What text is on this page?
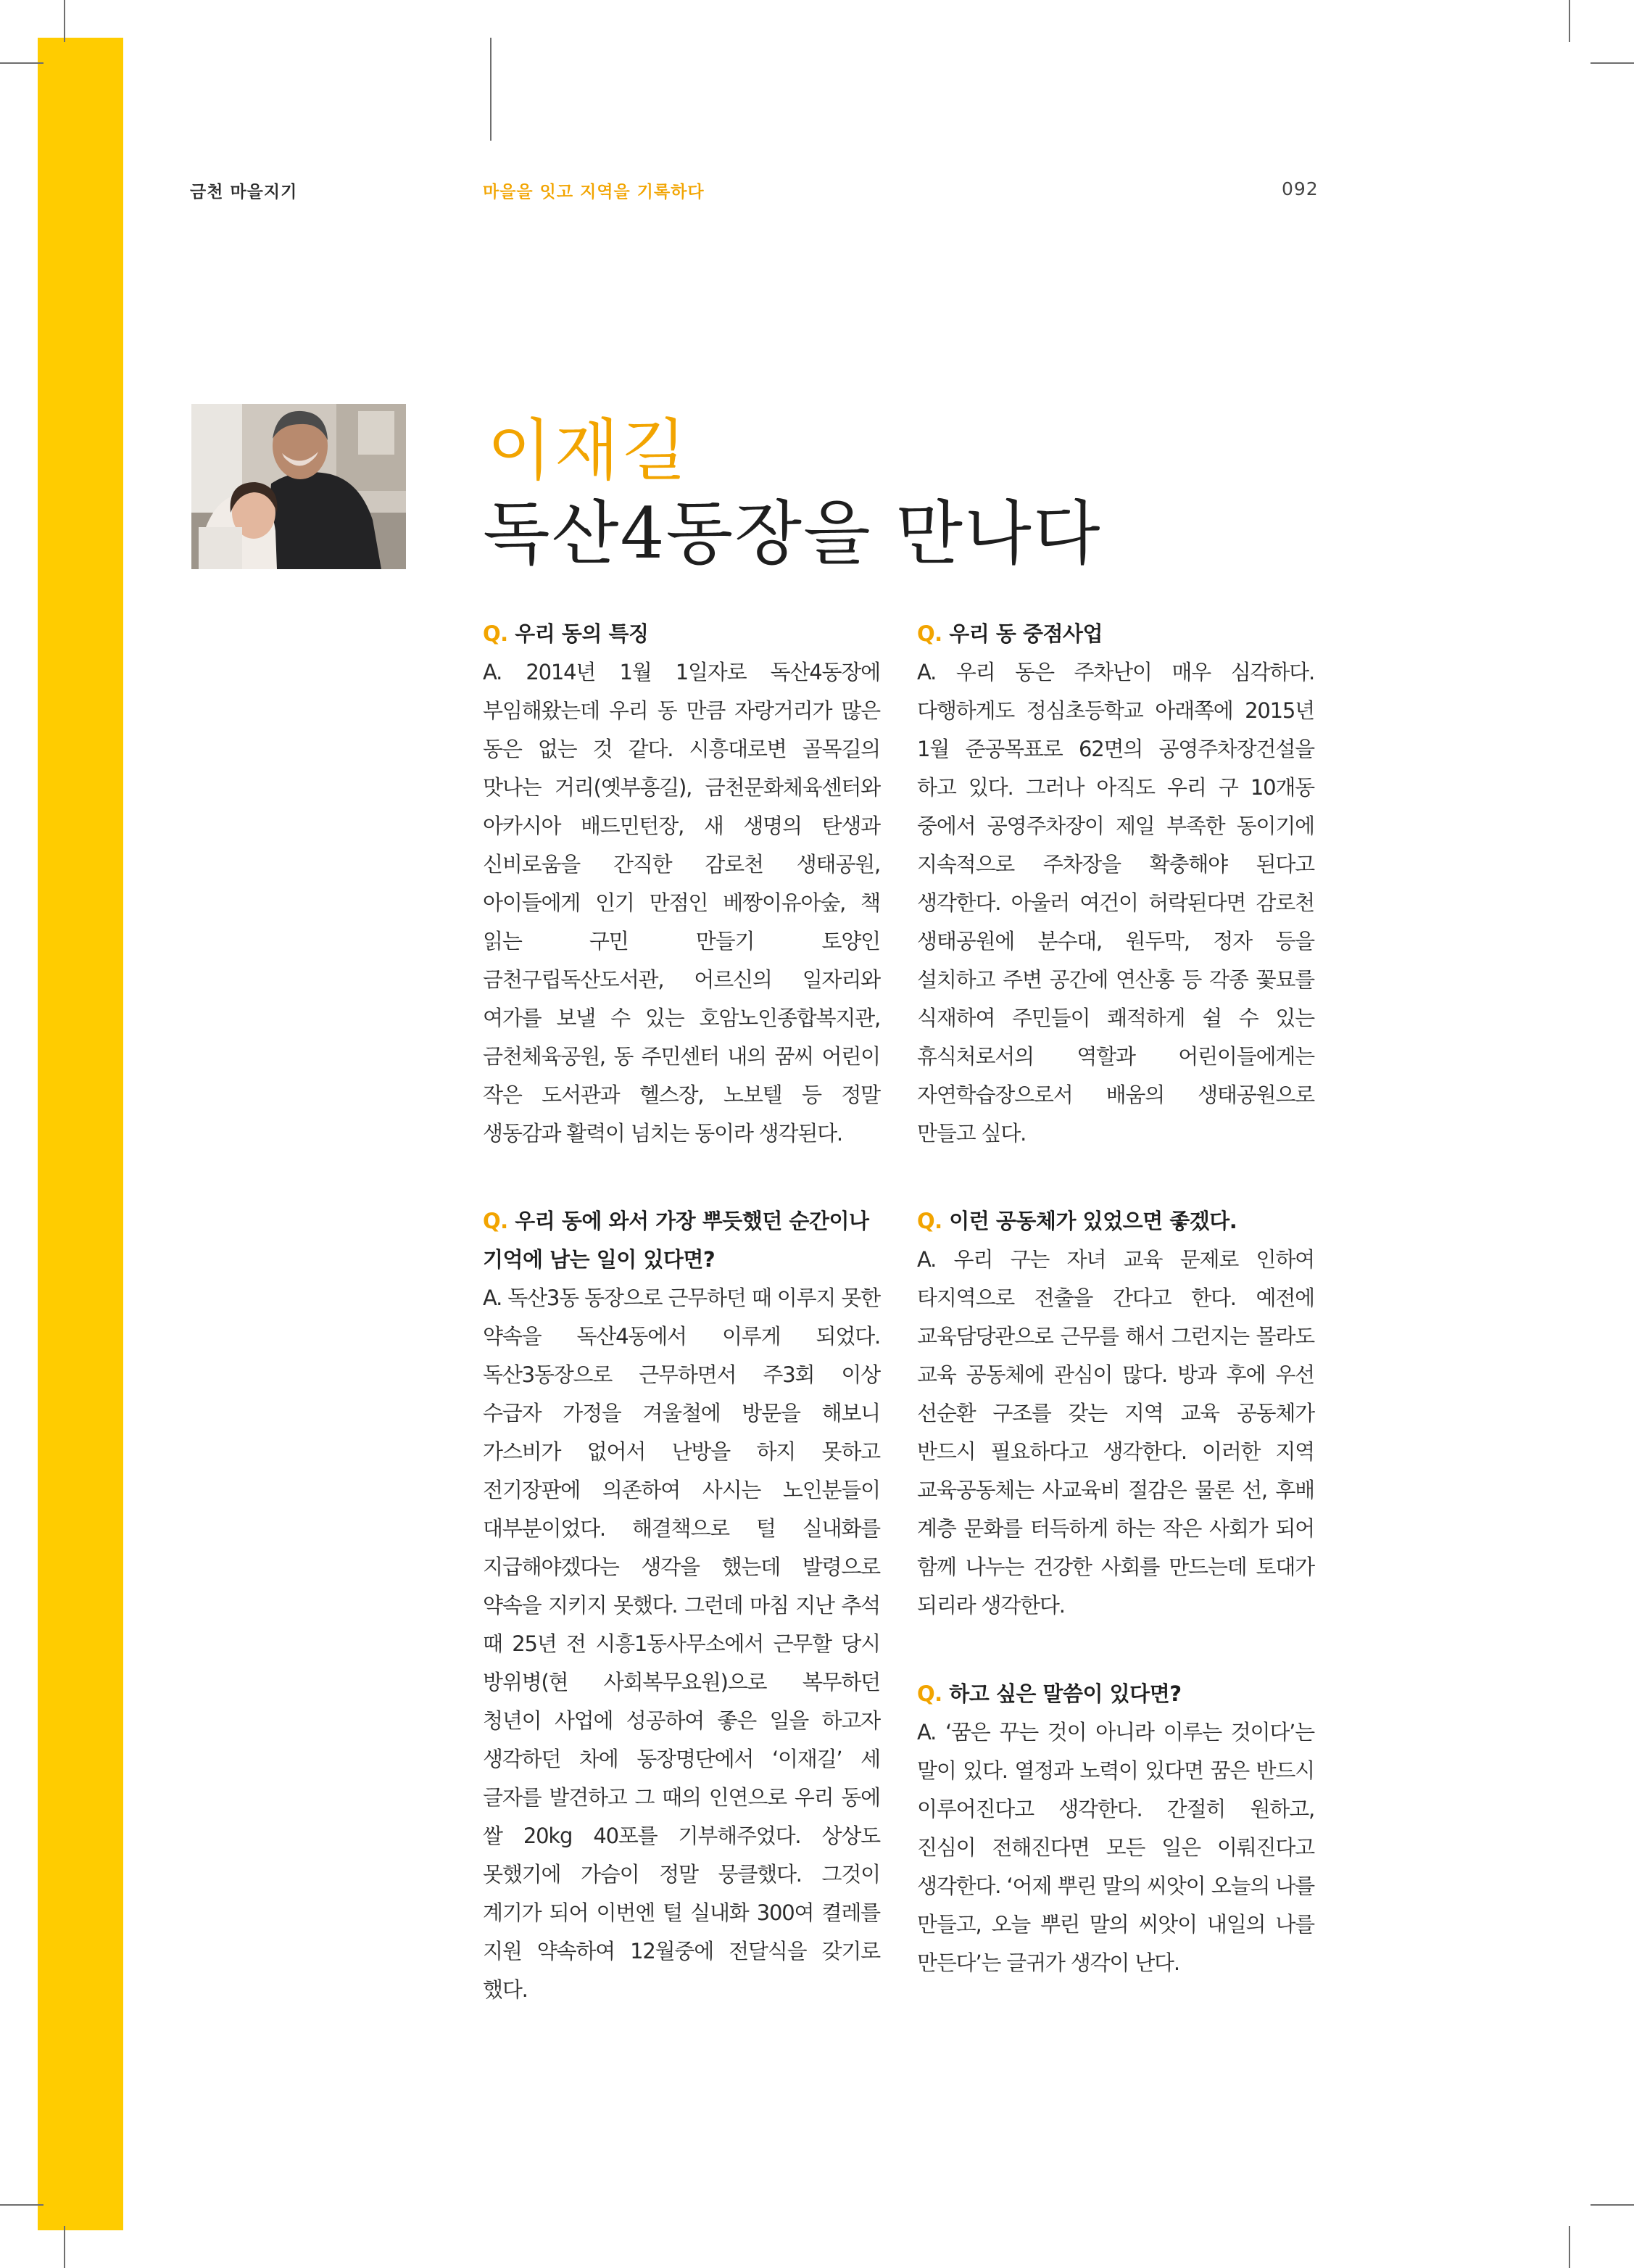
금천 마을지기	마을을 잇고 지역을 기록하다	092
이재길
독산4동장을 만나다
Q. 우리 동의 특징
A. 2014년 1월 1일자로 독산4동장에 부임해왔는데 우리 동 만큼 자랑거리가 많은 동은 없는 것 같다. 시흥대로변 골목길의 맛나는 거리(옛부흥길), 금천문화체육센터와 아카시아 배드민턴장, 새 생명의 탄생과 신비로움을 간직한 감로천 생태공원, 아이들에게 인기 만점인 베짱이유아숲, 책 읽는 구민 만들기 토양인 금천구립독산도서관, 어르신의 일자리와 여가를 보낼 수 있는 호암노인종합복지관, 금천체육공원, 동 주민센터 내의 꿈씨 어린이 작은 도서관과 헬스장, 노보텔 등 정말 생동감과 활력이 넘치는 동이라 생각된다.
Q. 우리 동에 와서 가장 뿌듯했던 순간이나 기억에 남는 일이 있다면?
A. 독산3동 동장으로 근무하던 때 이루지 못한 약속을 독산4동에서 이루게 되었다. 독산3동장으로 근무하면서 주3회 이상 수급자 가정을 겨울철에 방문을 해보니 가스비가 없어서 난방을 하지 못하고 전기장판에 의존하여 사시는 노인분들이 대부분이었다. 해결책으로 털 실내화를 지급해야겠다는 생각을 했는데 발령으로 약속을 지키지 못했다. 그런데 마침 지난 추석 때 25년 전 시흥1동사무소에서 근무할 당시 방위병(현 사회복무요원)으로 복무하던 청년이 사업에 성공하여 좋은 일을 하고자 생각하던 차에 동장명단에서 ‘이재길’ 세 글자를 발견하고 그 때의 인연으로 우리 동에 쌀 20kg 40포를 기부해주었다. 상상도 못했기에 가슴이 정말 뭉클했다. 그것이 계기가 되어 이번엔 털 실내화 300여 켤레를 지원 약속하여 12월중에 전달식을 갖기로 했다.
Q. 우리 동 중점사업
A. 우리 동은 주차난이 매우 심각하다. 다행하게도 정심초등학교 아래쪽에 2015년 1월 준공목표로 62면의 공영주차장건설을 하고 있다. 그러나 아직도 우리 구 10개동 중에서 공영주차장이 제일 부족한 동이기에 지속적으로 주차장을 확충해야 된다고 생각한다. 아울러 여건이 허락된다면 감로천 생태공원에 분수대, 원두막, 정자 등을 설치하고 주변 공간에 연산홍 등 각종 꽃묘를 식재하여 주민들이 쾌적하게 쉴 수 있는 휴식처로서의 역할과 어린이들에게는 자연학습장으로서 배움의 생태공원으로 만들고 싶다.
Q. 이런 공동체가 있었으면 좋겠다.
A. 우리 구는 자녀 교육 문제로 인하여 타지역으로 전출을 간다고 한다. 예전에 교육담당관으로 근무를 해서 그런지는 몰라도 교육 공동체에 관심이 많다. 방과 후에 우선 선순환 구조를 갖는 지역 교육 공동체가 반드시 필요하다고 생각한다. 이러한 지역 교육공동체는 사교육비 절감은 물론 선, 후배 계층 문화를 터득하게 하는 작은 사회가 되어 함께 나누는 건강한 사회를 만드는데 토대가 되리라 생각한다.
Q. 하고 싶은 말씀이 있다면?
A. ‘꿈은 꾸는 것이 아니라 이루는 것이다’는 말이 있다. 열정과 노력이 있다면 꿈은 반드시 이루어진다고 생각한다. 간절히 원하고, 진심이 전해진다면 모든 일은 이뤄진다고 생각한다. ‘어제 뿌린 말의 씨앗이 오늘의 나를 만들고, 오늘 뿌린 말의 씨앗이 내일의 나를 만든다’는 글귀가 생각이 난다.
